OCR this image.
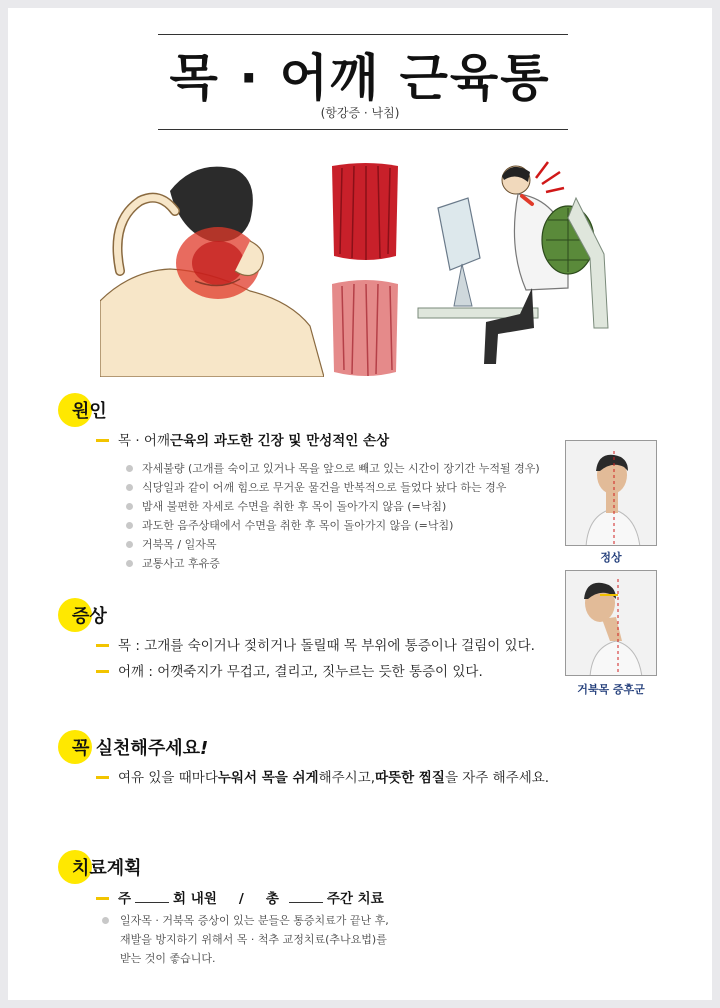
목 · 어깨 근육통
(항강증 · 낙침)
원인
목 · 어깨 근육의 과도한 긴장 및 만성적인 손상
자세불량 (고개를 숙이고 있거나 목을 앞으로 빼고 있는 시간이 장기간 누적될 경우)
식당일과 같이 어깨 힘으로 무거운 물건을 반복적으로 들었다 놨다 하는 경우
밤새 불편한 자세로 수면을 취한 후 목이 돌아가지 않음 (=낙침)
과도한 음주상태에서 수면을 취한 후 목이 돌아가지 않음 (=낙침)
거북목 / 일자목
교통사고 후유증	정상
거북목 증후군
증상
목 : 고개를 숙이거나 젖히거나 돌릴때 목 부위에 통증이나 걸림이 있다.
어깨 : 어깻죽지가 무겁고, 결리고, 짓누르는 듯한 통증이 있다.
꼭 실천해주세요!
여유 있을 때마다 누워서 목을 쉬게 해주시고, 따뜻한 찜질 을 자주 해주세요.
치료계획
주	회 내원 / 총	주간 치료
일자목 · 거북목 증상이 있는 분들은 통증치료가 끝난 후,
재발을 방지하기 위해서 목 · 척추 교정치료(추나요법)를
받는 것이 좋습니다.
